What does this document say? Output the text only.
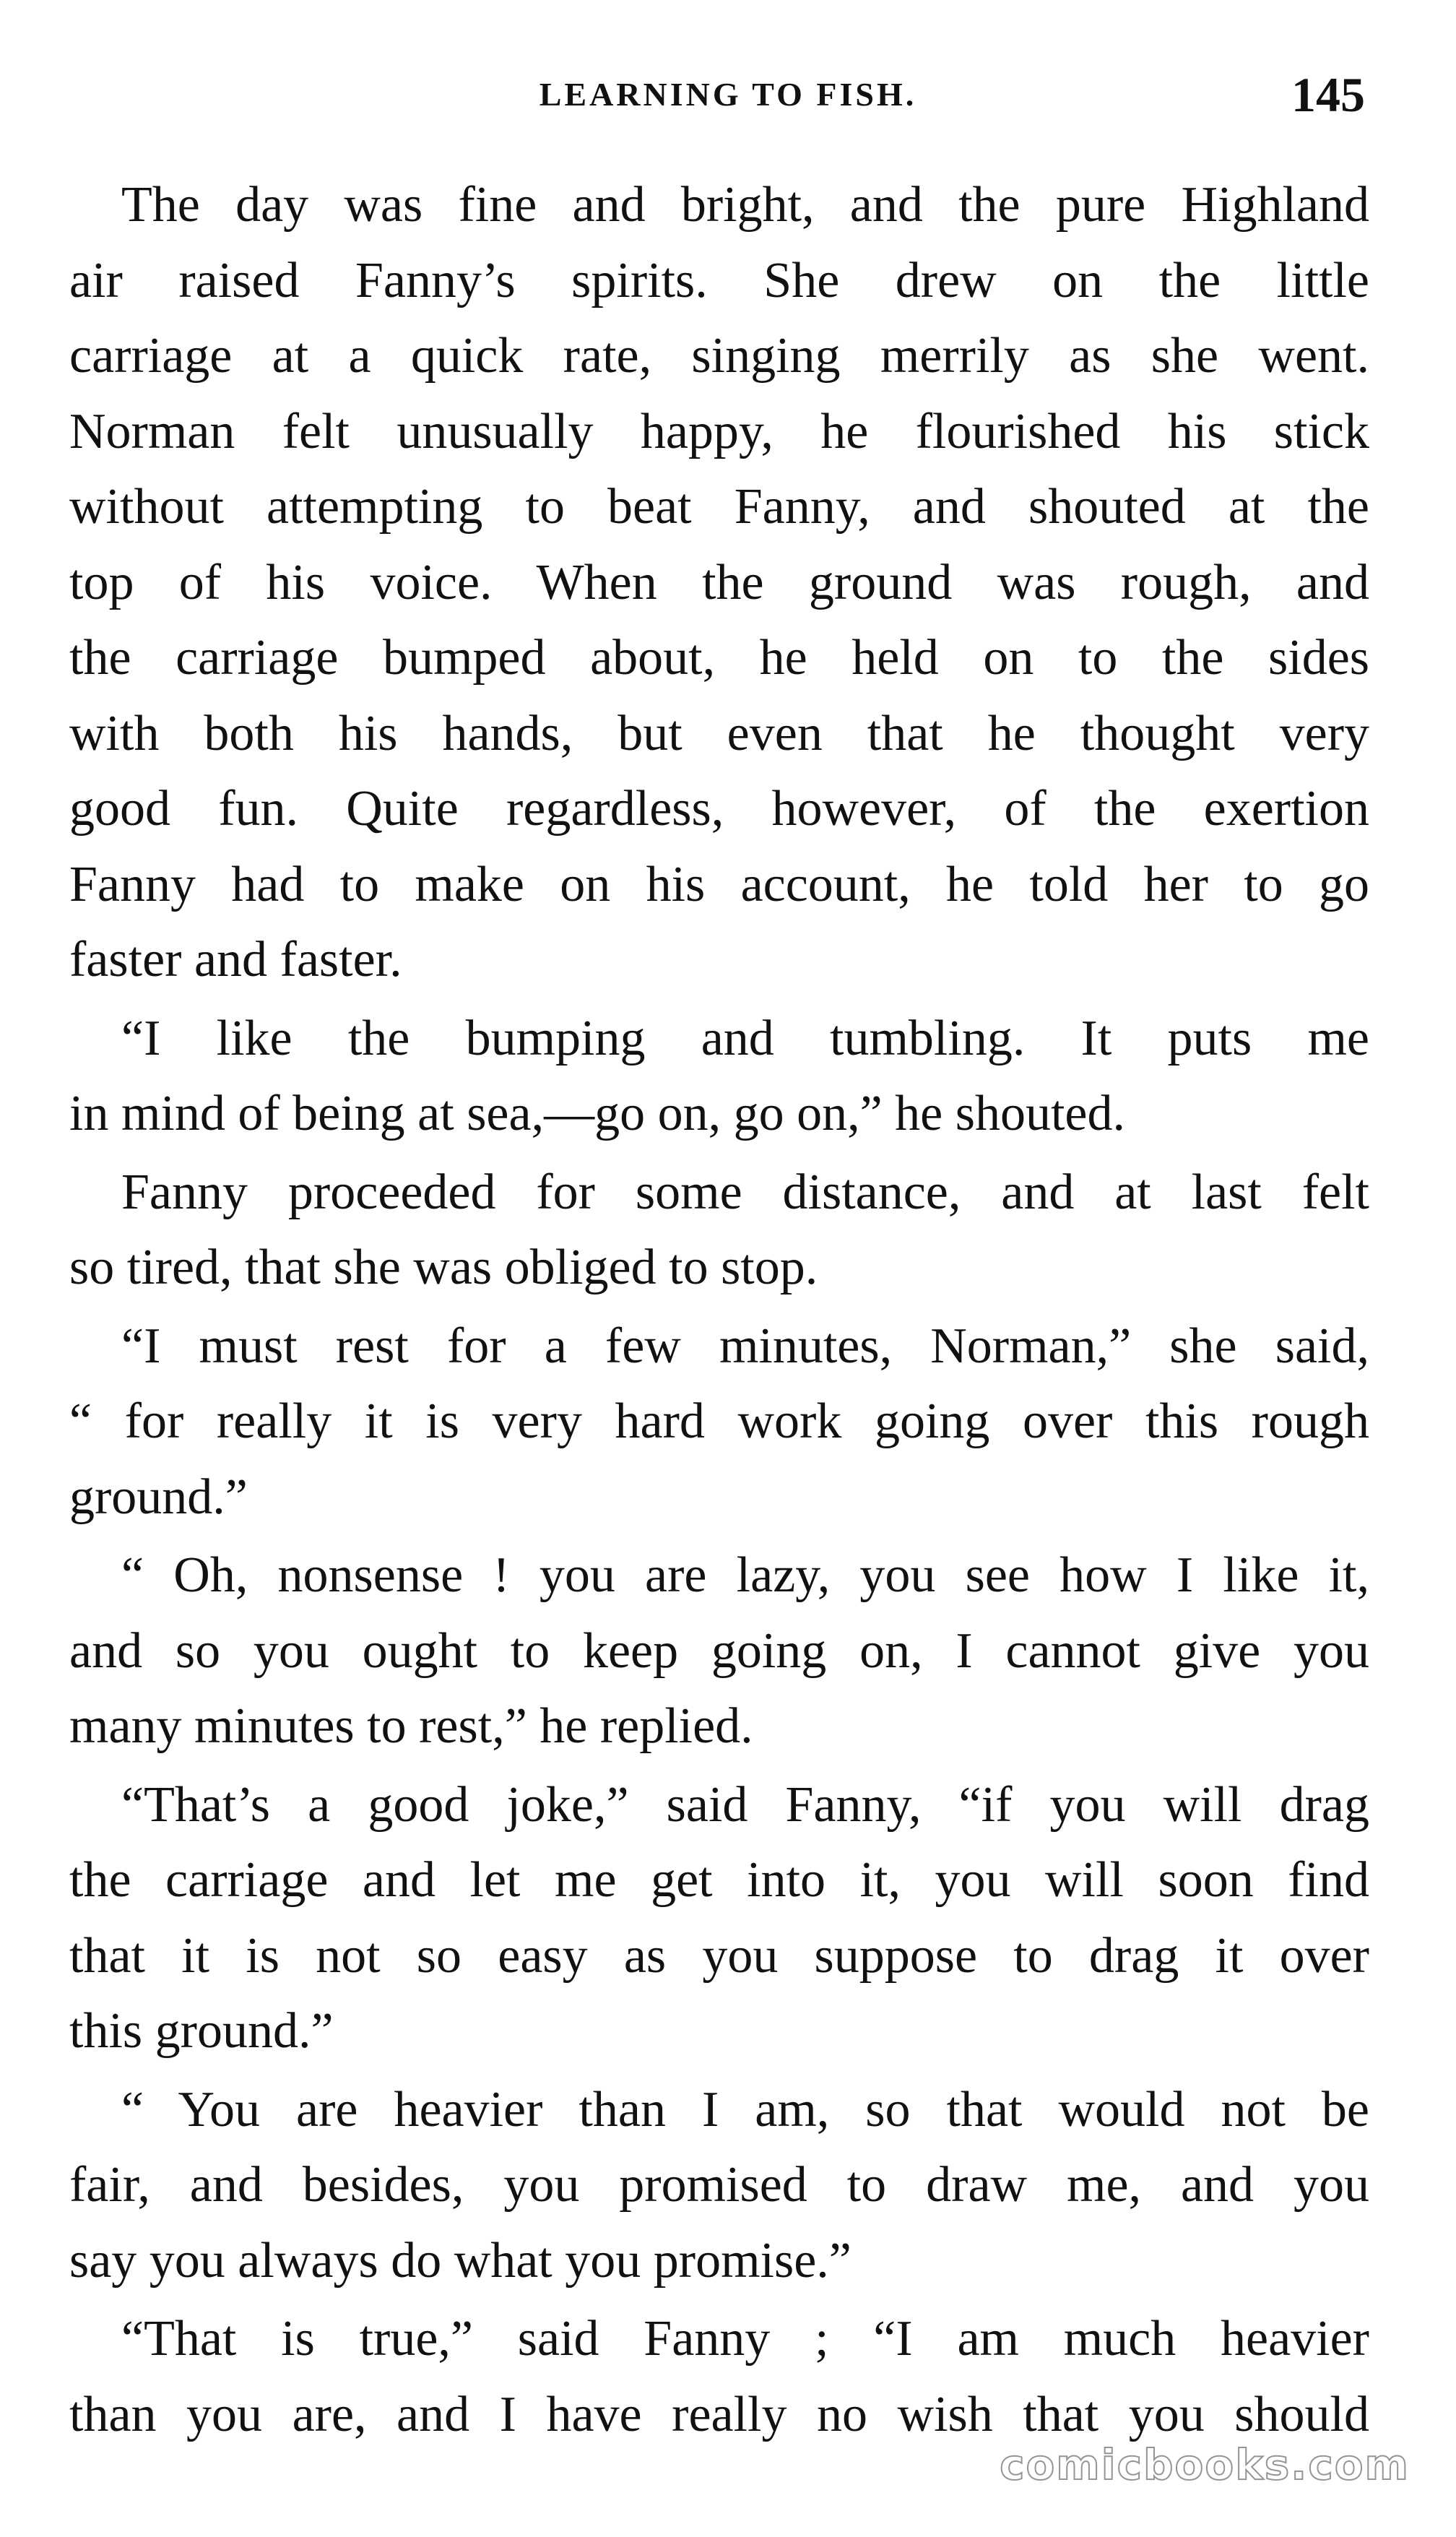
LEARNING TO FISH.	145
The day was fine and bright, and the pure Highland
air raised Fanny’s spirits. She drew on the little
carriage at a quick rate, singing merrily as she went.
Norman felt unusually happy, he flourished his stick
without attempting to beat Fanny, and shouted at the
top of his voice. When the ground was rough, and
the carriage bumped about, he held on to the sides
with both his hands, but even that he thought very
good fun. Quite regardless, however, of the exertion
Fanny had to make on his account, he told her to go
faster and faster.
“I like the bumping and tumbling. It puts me
in mind of being at sea,—go on, go on,” he shouted.
Fanny proceeded for some distance, and at last felt
so tired, that she was obliged to stop.
“I must rest for a few minutes, Norman,” she said,
“ for really it is very hard work going over this rough
ground.”
“ Oh, nonsense ! you are lazy, you see how I like it,
and so you ought to keep going on, I cannot give you
many minutes to rest,” he replied.
“That’s a good joke,” said Fanny, “if you will drag
the carriage and let me get into it, you will soon find
that it is not so easy as you suppose to drag it over
this ground.”
“ You are heavier than I am, so that would not be
fair, and besides, you promised to draw me, and you
say you always do what you promise.”
“That is true,” said Fanny ; “I am much heavier
than you are, and I have really no wish that you should
comicbooks.com
